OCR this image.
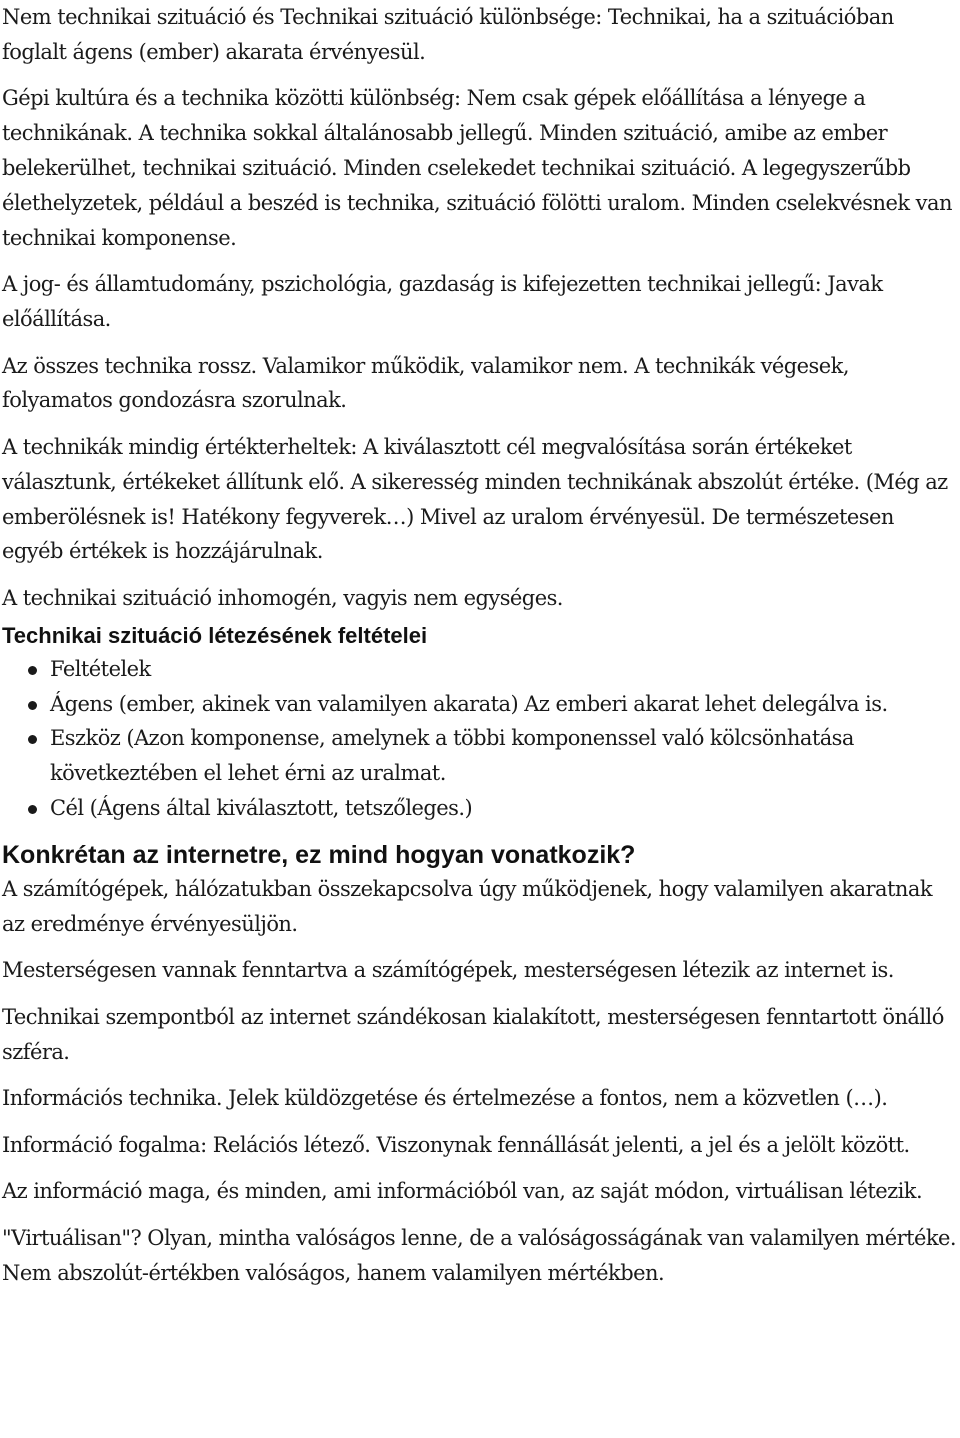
Nem technikai szituáció és Technikai szituáció különbsége: Technikai, ha a szituációban foglalt ágens (ember) akarata érvényesül.

Gépi kultúra és a technika közötti különbség: Nem csak gépek előállítása a lényege a technikának. A technika sokkal általánosabb jellegű. Minden szituáció, amibe az ember belekerülhet, technikai szituáció. Minden cselekedet technikai szituáció. A legegyszerűbb élethelyzetek, például a beszéd is technika, szituáció fölötti uralom. Minden cselekvésnek van technikai komponense.

A jog- és államtudomány, pszichológia, gazdaság is kifejezetten technikai jellegű: Javak előállítása.

Az összes technika rossz. Valamikor működik, valamikor nem. A technikák végesek, folyamatos gondozásra szorulnak.

A technikák mindig értékterheltek: A kiválasztott cél megvalósítása során értékeket választunk, értékeket állítunk elő. A sikeresség minden technikának abszolút értéke. (Még az emberölésnek is! Hatékony fegyverek…) Mivel az uralom érvényesül. De természetesen egyéb értékek is hozzájárulnak.

A technikai szituáció inhomogén, vagyis nem egységes.

Technikai szituáció létezésének feltételei
Feltételek
Ágens (ember, akinek van valamilyen akarata) Az emberi akarat lehet delegálva is.
Eszköz (Azon komponense, amelynek a többi komponenssel való kölcsönhatása következtében el lehet érni az uralmat.
Cél (Ágens által kiválasztott, tetszőleges.)
Konkrétan az internetre, ez mind hogyan vonatkozik?

A számítógépek, hálózatukban összekapcsolva úgy működjenek, hogy valamilyen akaratnak az eredménye érvényesüljön.

Mesterségesen vannak fenntartva a számítógépek, mesterségesen létezik az internet is.

Technikai szempontból az internet szándékosan kialakított, mesterségesen fenntartott önálló szféra.

Információs technika. Jelek küldözgetése és értelmezése a fontos, nem a közvetlen (…).

Információ fogalma: Relációs létező. Viszonynak fennállását jelenti, a jel és a jelölt között.

Az információ maga, és minden, ami információból van, az saját módon, virtuálisan létezik.

"Virtuálisan"? Olyan, mintha valóságos lenne, de a valóságosságának van valamilyen mértéke. Nem abszolút-értékben valóságos, hanem valamilyen mértékben.
